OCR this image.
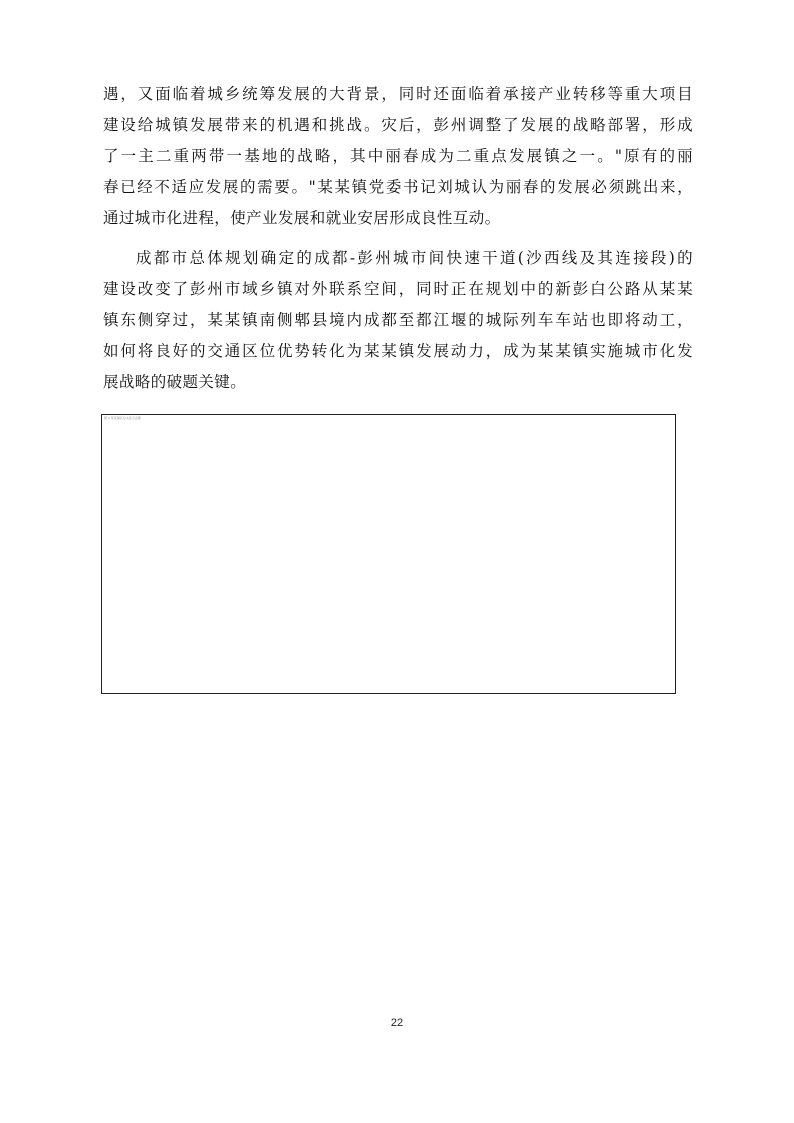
遇，又面临着城乡统筹发展的大背景，同时还面临着承接产业转移等重大项目
建设给城镇发展带来的机遇和挑战。灾后，彭州调整了发展的战略部署，形成
了一主二重两带一基地的战略，其中丽春成为二重点发展镇之一。"原有的丽
春已经不适应发展的需要。"某某镇党委书记刘城认为丽春的发展必须跳出来，
通过城市化进程，使产业发展和就业安居形成良性互动。
成都市总体规划确定的成都-彭州城市间快速干道(沙西线及其连接段)的
建设改变了彭州市域乡镇对外联系空间，同时正在规划中的新彭白公路从某某
镇东侧穿过，某某镇南侧郫县境内成都至都江堰的城际列车车站也即将动工，
如何将良好的交通区位优势转化为某某镇发展动力，成为某某镇实施城市化发
展战略的破题关键。
图 1 某某镇区位关系示意图
22
